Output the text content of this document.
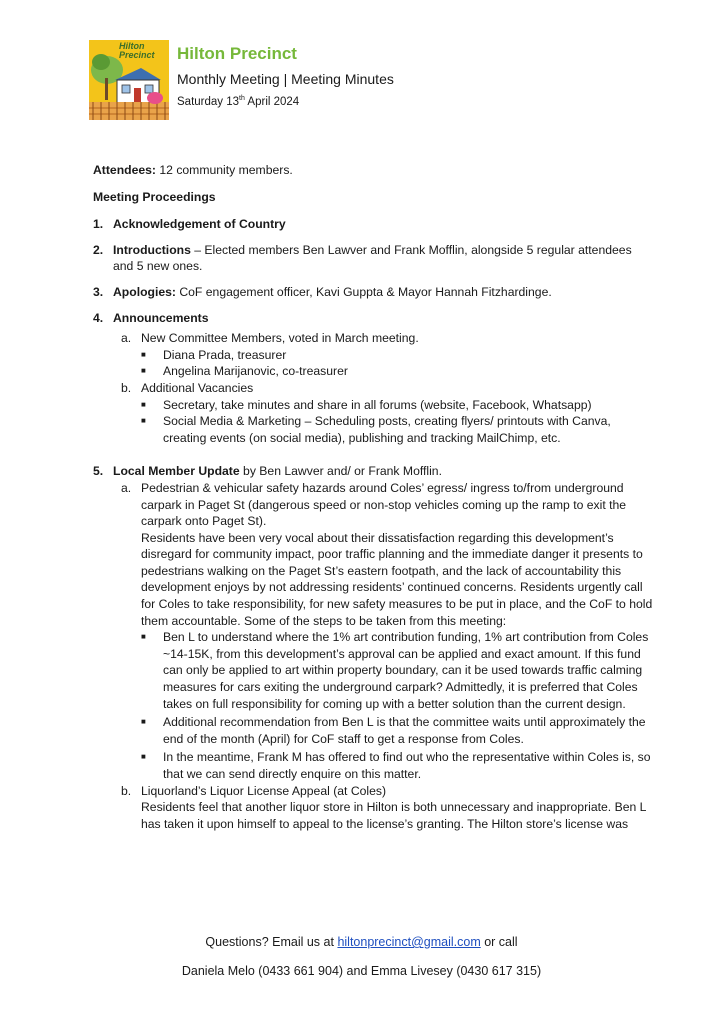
Hilton
Precinct Hilton Precinct
Monthly Meeting | Meeting Minutes
Saturday 13th April 2024

Attendees: 12 community members.

Meeting Proceedings

1. Acknowledgement of Country
2. Introductions – Elected members Ben Lawver and Frank Mofflin, alongside 5 regular attendees and 5 new ones.
3. Apologies: CoF engagement officer, Kavi Guppta & Mayor Hannah Fitzhardinge.
4. Announcements
a. New Committee Members, voted in March meeting.
■	Diana Prada, treasurer
■	Angelina Marijanovic, co-treasurer
b. Additional Vacancies
■	Secretary, take minutes and share in all forums (website, Facebook, Whatsapp)
■	Social Media & Marketing – Scheduling posts, creating flyers/ printouts with Canva, creating events (on social media), publishing and tracking MailChimp, etc.
5. Local Member Update by Ben Lawver and/ or Frank Mofflin.
a. Pedestrian & vehicular safety hazards around Coles’ egress/ ingress to/from underground carpark in Paget St (dangerous speed or non-stop vehicles coming up the ramp to exit the carpark onto Paget St).
Residents have been very vocal about their dissatisfaction regarding this development’s disregard for community impact, poor traffic planning and the immediate danger it presents to pedestrians walking on the Paget St’s eastern footpath, and the lack of accountability this development enjoys by not addressing residents’ continued concerns. Residents urgently call for Coles to take responsibility, for new safety measures to be put in place, and the CoF to hold them accountable. Some of the steps to be taken from this meeting:
■	Ben L to understand where the 1% art contribution funding, 1% art contribution from Coles ~14-15K, from this development’s approval can be applied and exact amount. If this fund can only be applied to art within property boundary, can it be used towards traffic calming measures for cars exiting the underground carpark? Admittedly, it is preferred that Coles takes on full responsibility for coming up with a better solution than the current design.
■	Additional recommendation from Ben L is that the committee waits until approximately the end of the month (April) for CoF staff to get a response from Coles.
■	In the meantime, Frank M has offered to find out who the representative within Coles is, so that we can send directly enquire on this matter.
b. Liquorland’s Liquor License Appeal (at Coles)
Residents feel that another liquor store in Hilton is both unnecessary and inappropriate. Ben L has taken it upon himself to appeal to the license’s granting. The Hilton store’s license was
Questions? Email us at hiltonprecinct@gmail.com or call
Daniela Melo (0433 661 904) and Emma Livesey (0430 617 315)
